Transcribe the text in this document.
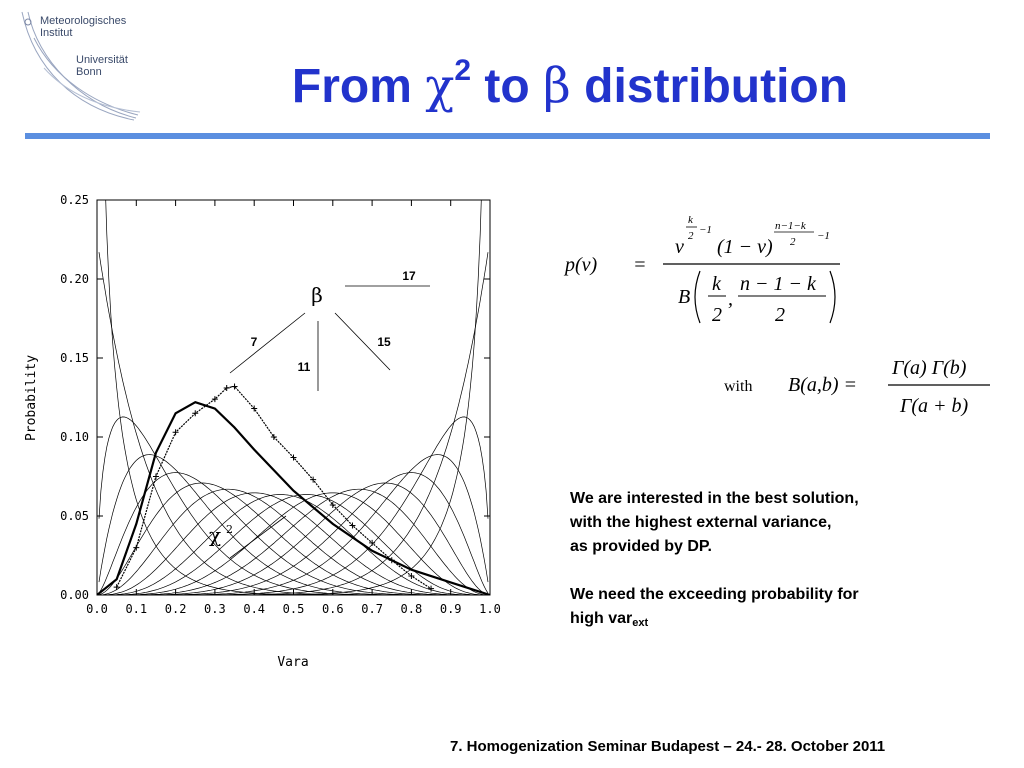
Meteorologisches
Institut
Universität
Bonn	From $\chi^2$ to β distribution
0.0 0.1 0.2 0.3 0.4 0.5 0.6 0.7 0.8 0.9 1.0
0.00
0.05
0.10
0.15
0.20
0.25
β
χ 2
7
11
15
17
Vara
Probability
p(v) =
v
k
2 −1
(1 − v)
n−1−k
2 −1
B
k
2
,
n − 1 − k
2
with B(a,b) =
Γ(a) Γ(b)
Γ(a + b)
We are interested in the best solution,
with the highest external variance,
as provided by DP.
We need the exceeding probability for
high var$_{ext}$
7. Homogenization Seminar Budapest – 24.- 28. October 2011
